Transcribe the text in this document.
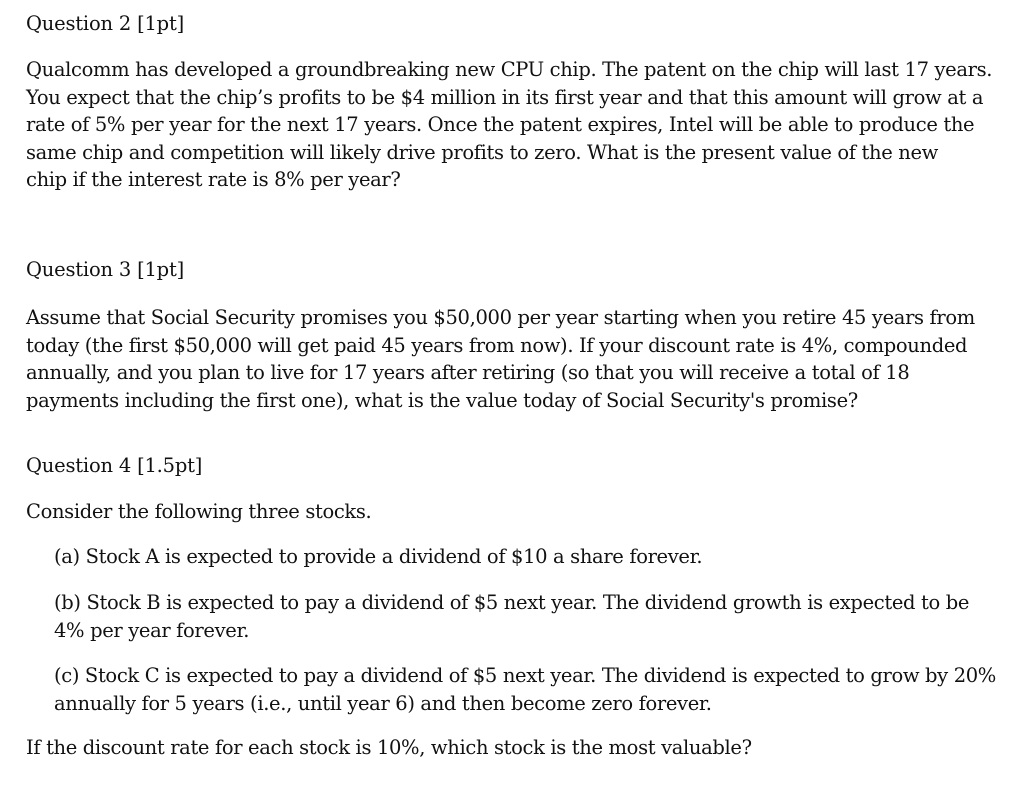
Question 2 [1pt]

Qualcomm has developed a groundbreaking new CPU chip. The patent on the chip will last 17 years.
You expect that the chip’s profits to be $4 million in its first year and that this amount will grow at a
rate of 5% per year for the next 17 years. Once the patent expires, Intel will be able to produce the
same chip and competition will likely drive profits to zero. What is the present value of the new
chip if the interest rate is 8% per year?

Question 3 [1pt]

Assume that Social Security promises you $50,000 per year starting when you retire 45 years from
today (the first $50,000 will get paid 45 years from now). If your discount rate is 4%, compounded
annually, and you plan to live for 17 years after retiring (so that you will receive a total of 18
payments including the first one), what is the value today of Social Security's promise?

Question 4 [1.5pt]

Consider the following three stocks.

(a) Stock A is expected to provide a dividend of $10 a share forever.

(b) Stock B is expected to pay a dividend of $5 next year. The dividend growth is expected to be
4% per year forever.

(c) Stock C is expected to pay a dividend of $5 next year. The dividend is expected to grow by 20%
annually for 5 years (i.e., until year 6) and then become zero forever.

If the discount rate for each stock is 10%, which stock is the most valuable?
